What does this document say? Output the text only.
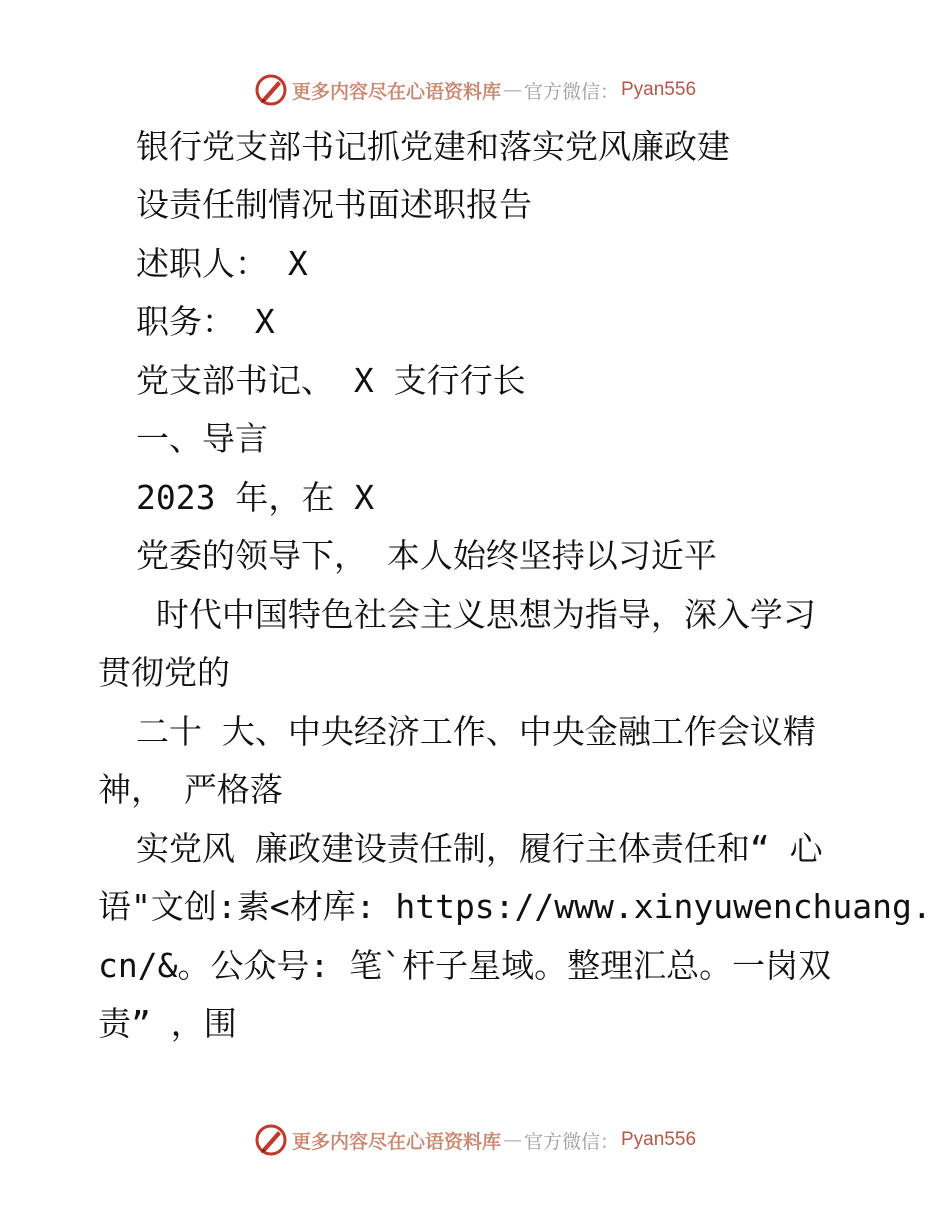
更多内容尽在心语资料库 — 官方微信： Pyan556

银行党支部书记抓党建和落实党风廉政建

设责任制情况书面述职报告

述职人： X

职务： X

党支部书记、 X 支行行长

一、导言

2023 年，在 X

党委的领导下， 本人始终坚持以习近平

时代中国特色社会主义思想为指导，深入学习

贯彻党的

二十 大、中央经济工作、中央金融工作会议精

神， 严格落

实党风 廉政建设责任制，履行主体责任和“ 心

语"文创:素<材库: https://www.xinyuwenchuang.

cn/&。公众号: 笔`杆子星域。整理汇总。一岗双

责” ，围

更多内容尽在心语资料库 — 官方微信： Pyan556
